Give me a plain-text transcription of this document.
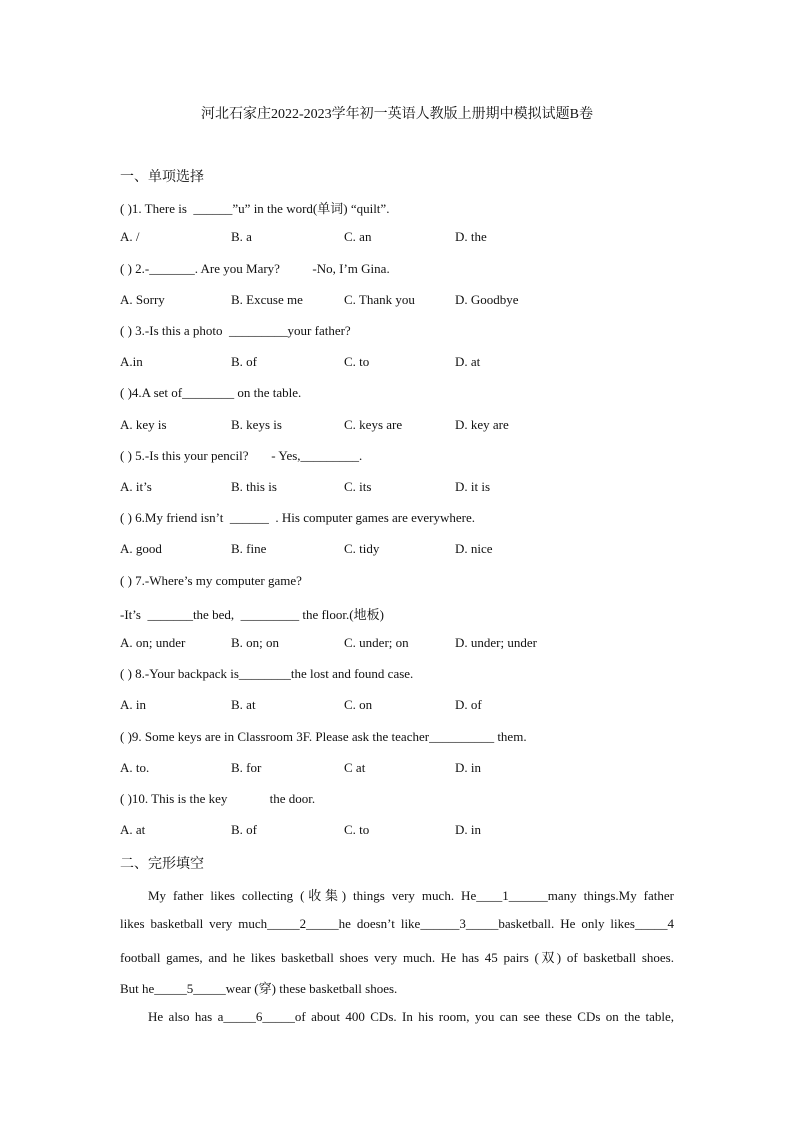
河北石家庄2022-2023学年初一英语人教版上册期中模拟试题B卷
一、单项选择
( )1. There is  ______”u” in the word(单词) “quilt”.
A. /	B. a	C. an	D. the
( ) 2.-_______. Are you Mary?          -No, I’m Gina.
A. Sorry	B. Excuse me	C. Thank you	D. Goodbye
( ) 3.-Is this a photo  _________your father?
A.in	B. of	C. to	D. at
( )4.A set of________ on the table.
A. key is	B. keys is	C. keys are	D. key are
( ) 5.-Is this your pencil?       - Yes,_________.
A. it’s	B. this is	C. its	D. it is
( ) 6.My friend isn’t  ______  . His computer games are everywhere.
A. good	B. fine	C. tidy	D. nice
( ) 7.-Where’s my computer game?
-It’s  _______the bed,  _________ the floor.(地板)
A. on; under	B. on; on	C. under; on	D. under; under
( ) 8.-Your backpack is________the lost and found case.
A. in	B. at	C. on	D. of
( )9. Some keys are in Classroom 3F. Please ask the teacher__________ them.
A. to.	B. for	C at	D. in
( )10. This is the key             the door.
A. at	B. of	C. to	D. in
二、完形填空
My father likes collecting (收集) things very much. He____1______many things.My father
likes basketball very much_____2_____he doesn’t like______3_____basketball. He only likes_____4
football games, and he likes basketball shoes very much. He has 45 pairs (双) of basketball shoes.
But he_____5_____wear (穿) these basketball shoes.
He also has a_____6_____of about 400 CDs. In his room, you can see these CDs on the table,
